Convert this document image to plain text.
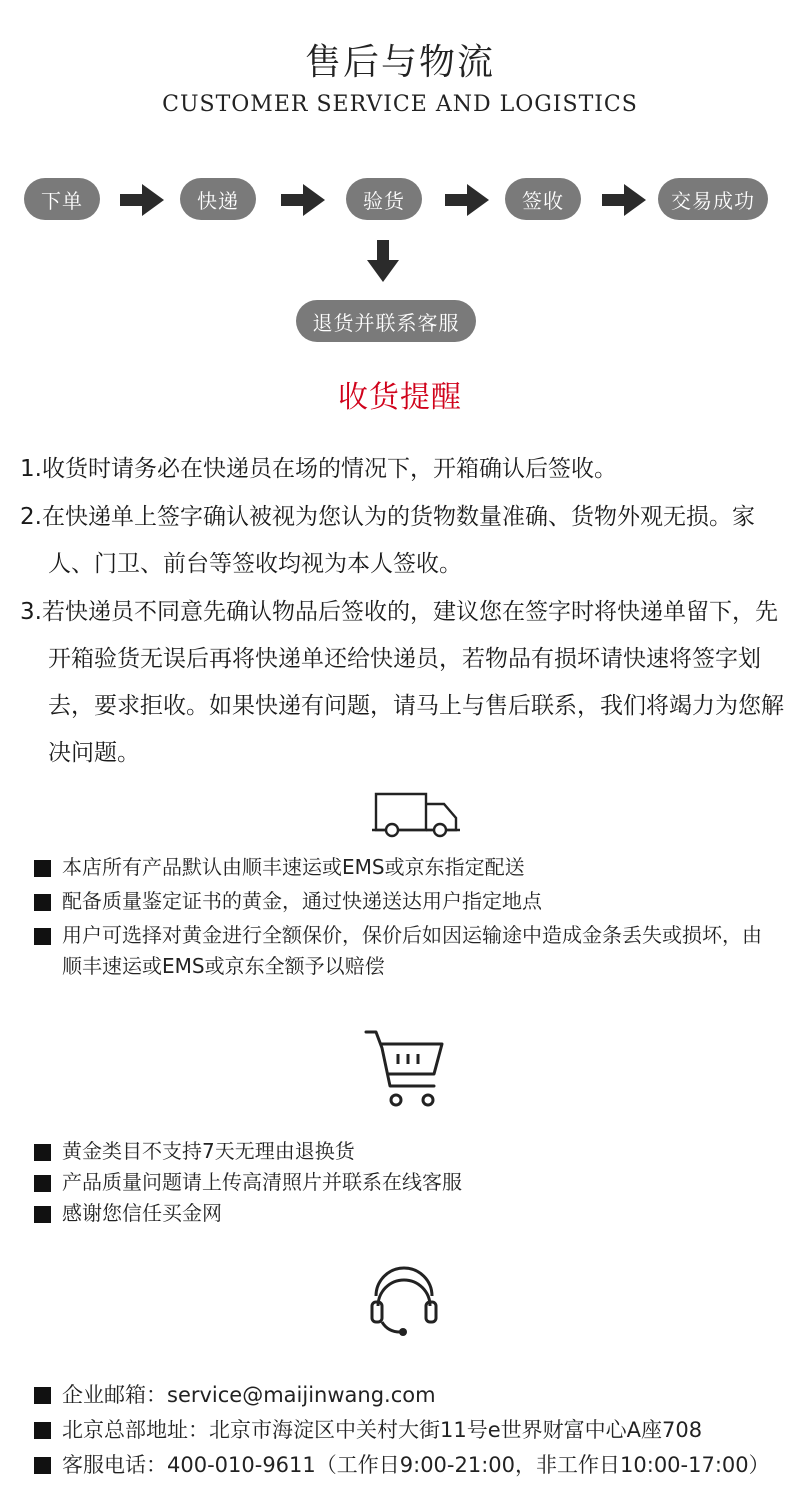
售后与物流
CUSTOMER SERVICE AND LOGISTICS
下单	快递	验货	签收	交易成功
退货并联系客服
收货提醒

1.收货时请务必在快递员在场的情况下，开箱确认后签收。

2.在快递单上签字确认被视为您认为的货物数量准确、货物外观无损。家人、门卫、前台等签收均视为本人签收。

3.若快递员不同意先确认物品后签收的，建议您在签字时将快递单留下，先开箱验货无误后再将快递单还给快递员，若物品有损坏请快速将签字划去，要求拒收。如果快递有问题，请马上与售后联系，我们将竭力为您解决问题。

本店所有产品默认由顺丰速运或EMS或京东指定配送
配备质量鉴定证书的黄金，通过快递送达用户指定地点
用户可选择对黄金进行全额保价，保价后如因运输途中造成金条丢失或损坏，由顺丰速运或EMS或京东全额予以赔偿
黄金类目不支持7天无理由退换货
产品质量问题请上传高清照片并联系在线客服
感谢您信任买金网
企业邮箱：service@maijinwang.com
北京总部地址：北京市海淀区中关村大街11号e世界财富中心A座708
客服电话：400-010-9611（工作日9:00-21:00，非工作日10:00-17:00）
